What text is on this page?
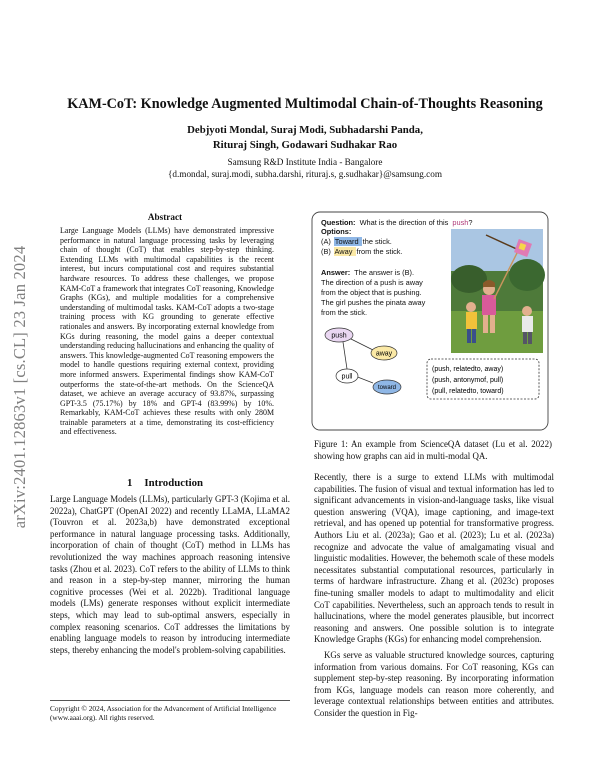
arXiv:2401.12863v1 [cs.CL] 23 Jan 2024
KAM-CoT: Knowledge Augmented Multimodal Chain-of-Thoughts Reasoning
Debjyoti Mondal, Suraj Modi, Subhadarshi Panda,
Rituraj Singh, Godawari Sudhakar Rao
Samsung R&D Institute India - Bangalore
{d.mondal, suraj.modi, subha.darshi, rituraj.s, g.sudhakar}@samsung.com
Abstract
Large Language Models (LLMs) have demonstrated impressive performance in natural language processing tasks by leveraging chain of thought (CoT) that enables step-by-step thinking. Extending LLMs with multimodal capabilities is the recent interest, but incurs computational cost and requires substantial hardware resources. To address these challenges, we propose KAM-CoT a framework that integrates CoT reasoning, Knowledge Graphs (KGs), and multiple modalities for a comprehensive understanding of multimodal tasks. KAM-CoT adopts a two-stage training process with KG grounding to generate effective rationales and answers. By incorporating external knowledge from KGs during reasoning, the model gains a deeper contextual understanding reducing hallucinations and enhancing the quality of answers. This knowledge-augmented CoT reasoning empowers the model to handle questions requiring external context, providing more informed answers. Experimental findings show KAM-CoT outperforms the state-of-the-art methods. On the ScienceQA dataset, we achieve an average accuracy of 93.87%, surpassing GPT-3.5 (75.17%) by 18% and GPT-4 (83.99%) by 10%. Remarkably, KAM-CoT achieves these results with only 280M trainable parameters at a time, demonstrating its cost-efficiency and effectiveness.
1 Introduction
Large Language Models (LLMs), particularly GPT-3 (Kojima et al. 2022a), ChatGPT (OpenAI 2022) and recently LLaMA, LLaMA2 (Touvron et al. 2023a,b) have demonstrated exceptional performance in natural language processing tasks. Additionally, incorporation of chain of thought (CoT) method in LLMs has revolutionized the way machines approach reasoning intensive tasks (Zhou et al. 2023). CoT refers to the ability of LLMs to think and reason in a step-by-step manner, mirroring the human cognitive processes (Wei et al. 2022b). Traditional language models (LMs) generate responses without explicit intermediate steps, which may lead to sub-optimal answers, especially in complex reasoning scenarios. CoT addresses the limitations by enabling language models to reason by introducing intermediate steps, thereby enhancing the model's problem-solving capabilities.
Copyright © 2024, Association for the Advancement of Artificial Intelligence (www.aaai.org). All rights reserved.
Question: What is the direction of this push?
Options:
(A) Toward the stick.
(B) Away from the stick.
Answer: The answer is (B).
The direction of a push is away
from the object that is pushing.
The girl pushes the pinata away
from the stick.
push
away
pull
toward
(push, relatedto, away)
(push, antonymof, pull)
(pull, relatedto, toward)
Figure 1: An example from ScienceQA dataset (Lu et al. 2022) showing how graphs can aid in multi-modal QA.

Recently, there is a surge to extend LLMs with multimodal capabilities. The fusion of visual and textual information has led to significant advancements in vision-and-language tasks, like visual question answering (VQA), image captioning, and image-text retrieval, and has opened up potential for transformative progress. Authors Liu et al. (2023a); Gao et al. (2023); Lu et al. (2023a) recognize and advocate the value of amalgamating visual and linguistic modalities. However, the behemoth scale of these models necessitates substantial computational resources, particularly in terms of hardware infrastructure. Zhang et al. (2023c) proposes fine-tuning smaller models to adapt to multimodality and elicit CoT capabilities. Nevertheless, such an approach tends to result in hallucinations, where the model generates plausible, but incorrect reasoning and answers. One possible solution is to integrate Knowledge Graphs (KGs) for enhancing model comprehension.

KGs serve as valuable structured knowledge sources, capturing information from various domains. For CoT reasoning, KGs can supplement step-by-step reasoning. By incorporating information from KGs, language models can reason more coherently, and leverage contextual relationships between entities and attributes. Consider the question in Fig-
